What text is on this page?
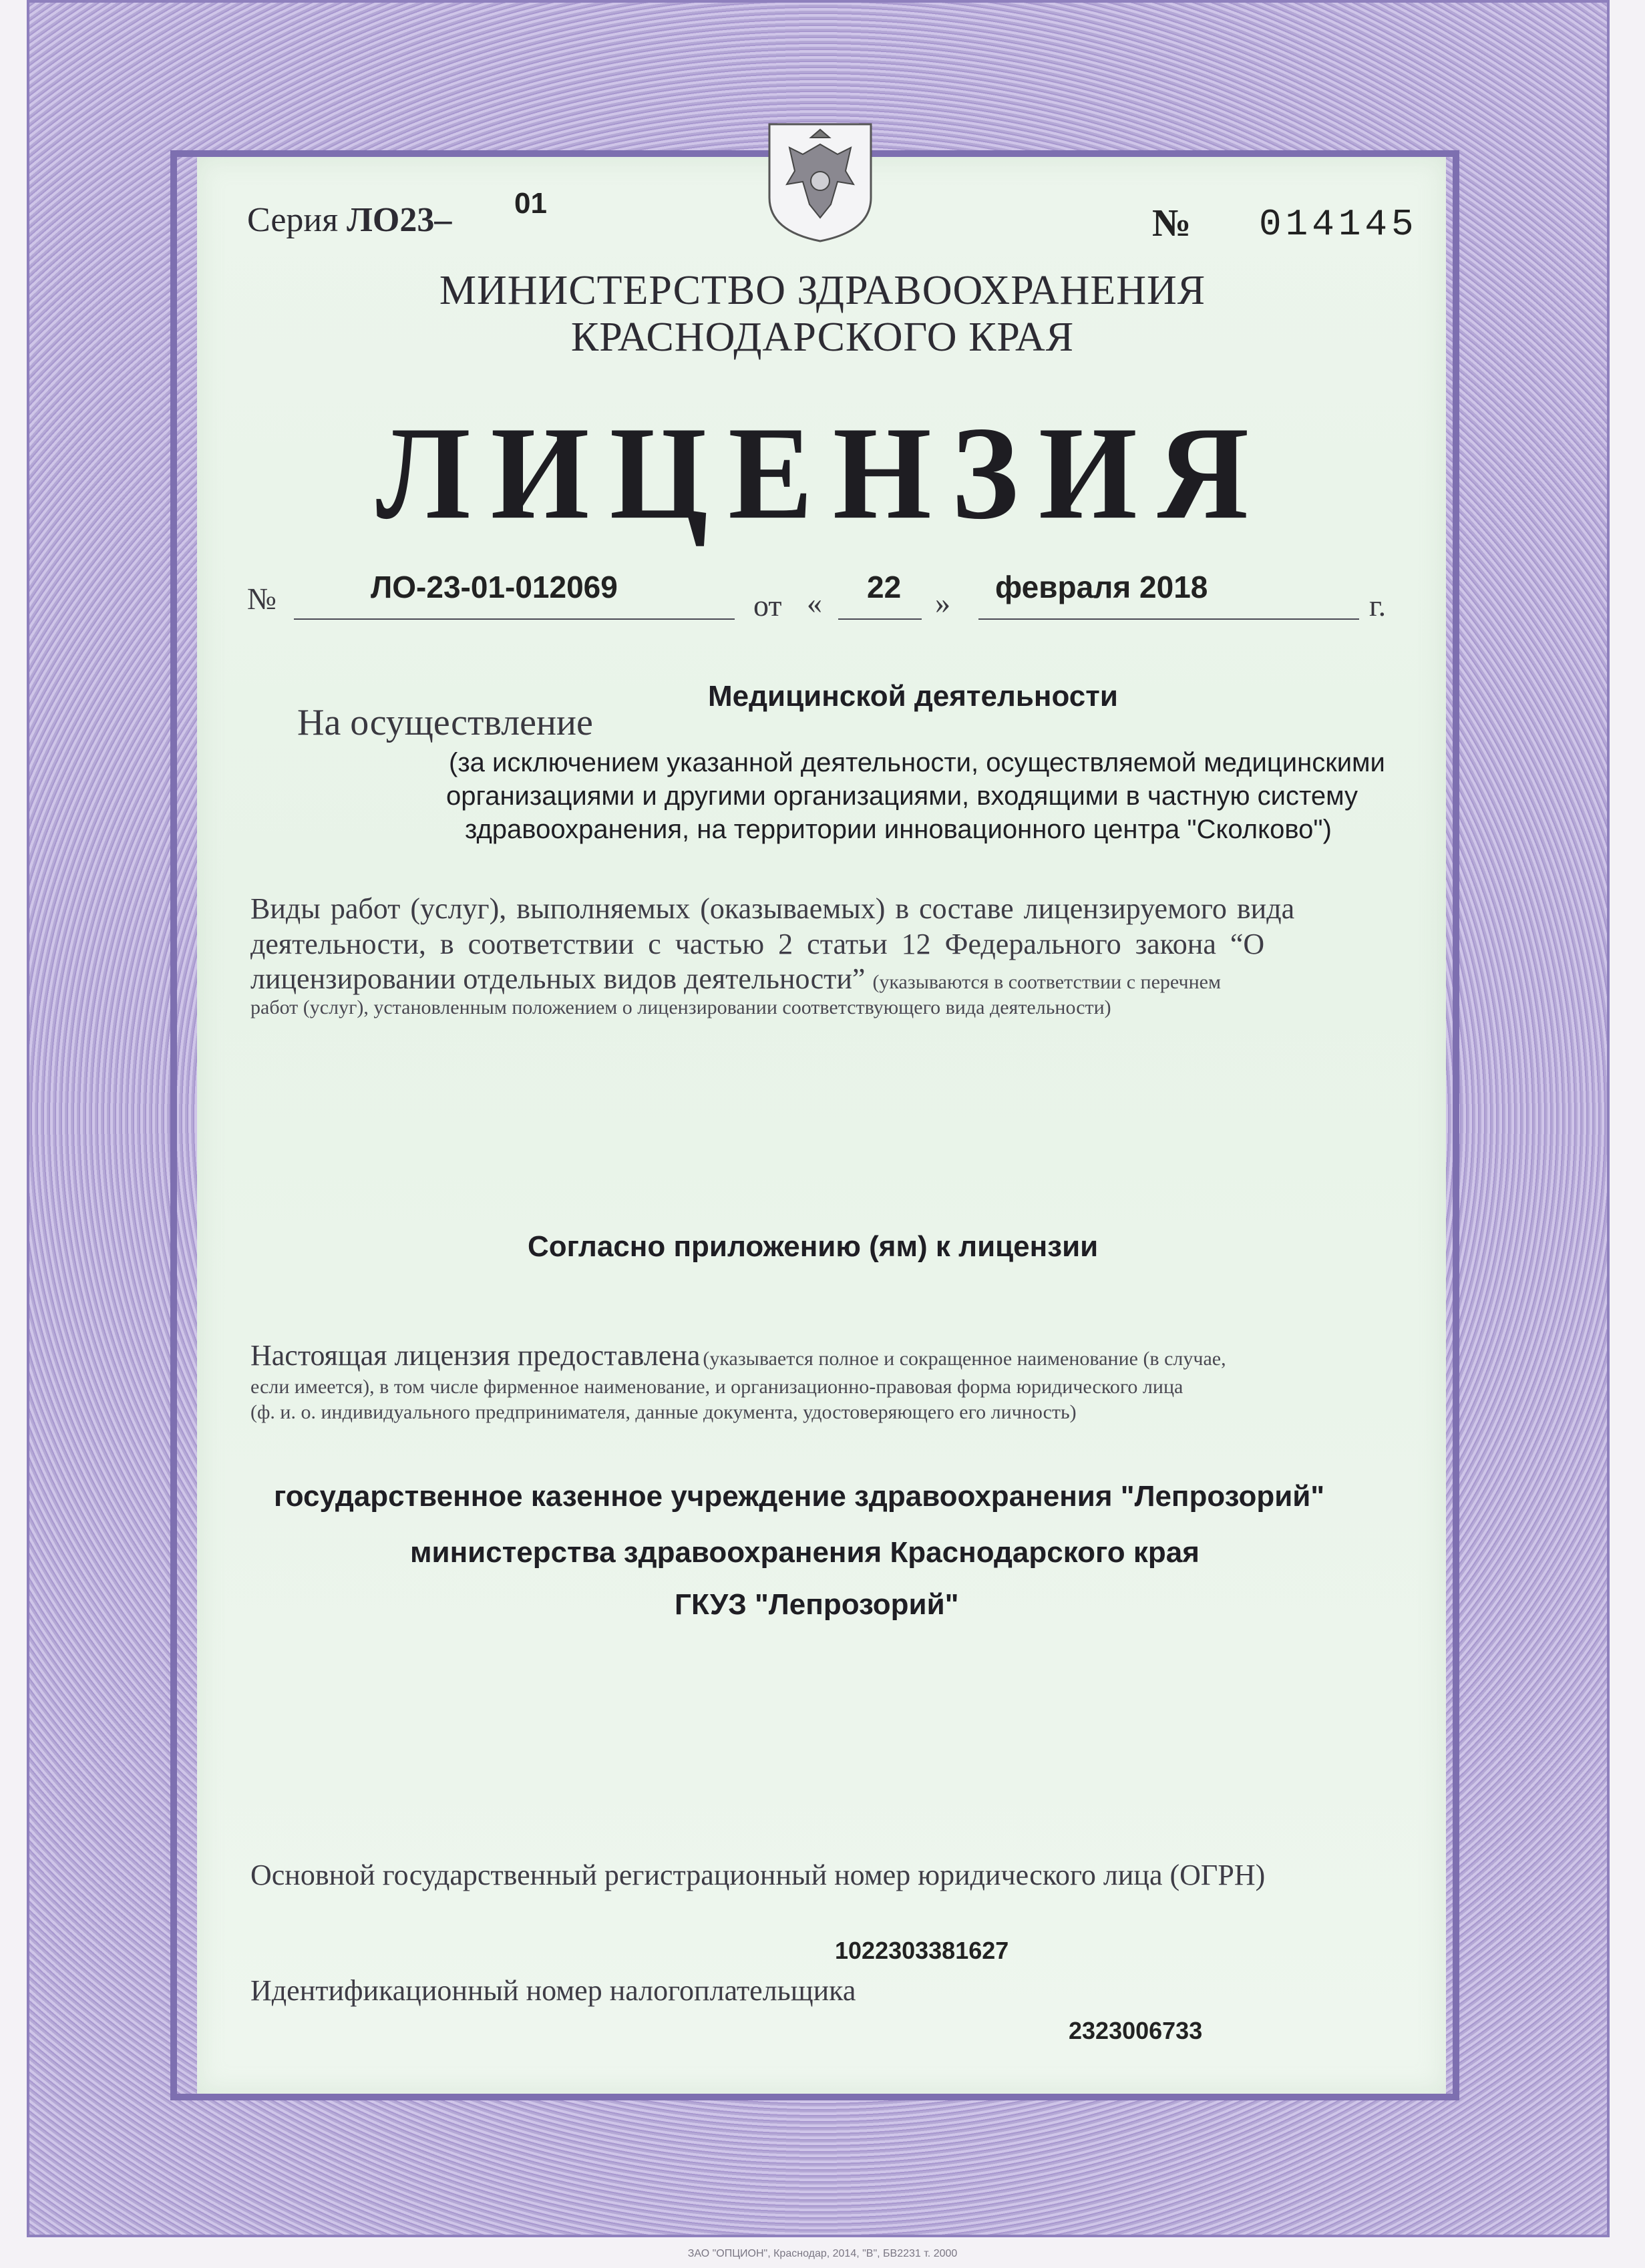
Серия ЛО23– 01	№ 014145
МИНИСТЕРСТВО ЗДРАВООХРАНЕНИЯ
КРАСНОДАРСКОГО КРАЯ
ЛИЦЕНЗИЯ
№	ЛО-23-01-012069
от « 22 » февраля 2018
г.
Медицинской деятельности
На осуществление
(за исключением указанной деятельности, осуществляемой медицинскими
организациями и другими организациями, входящими в частную систему
здравоохранения, на территории инновационного центра "Сколково")
Виды работ (услуг), выполняемых (оказываемых) в составе лицензируемого вида
деятельности, в соответствии с частью 2 статьи 12 Федерального закона “О
лицензировании отдельных видов деятельности” (указываются в соответствии с перечнем
работ (услуг), установленным положением о лицензировании соответствующего вида деятельности)
Согласно приложению (ям) к лицензии
Настоящая лицензия предоставлена (указывается полное и сокращенное наименование (в случае,
если имеется), в том числе фирменное наименование, и организационно-правовая форма юридического лица
(ф. и. о. индивидуального предпринимателя, данные документа, удостоверяющего его личность)
государственное казенное учреждение здравоохранения "Лепрозорий"
министерства здравоохранения Краснодарского края
ГКУЗ "Лепрозорий"
Основной государственный регистрационный номер юридического лица (ОГРН)
1022303381627
Идентификационный номер налогоплательщика
2323006733
ЗАО "ОПЦИОН", Краснодар, 2014, "В", БВ2231 т. 2000
